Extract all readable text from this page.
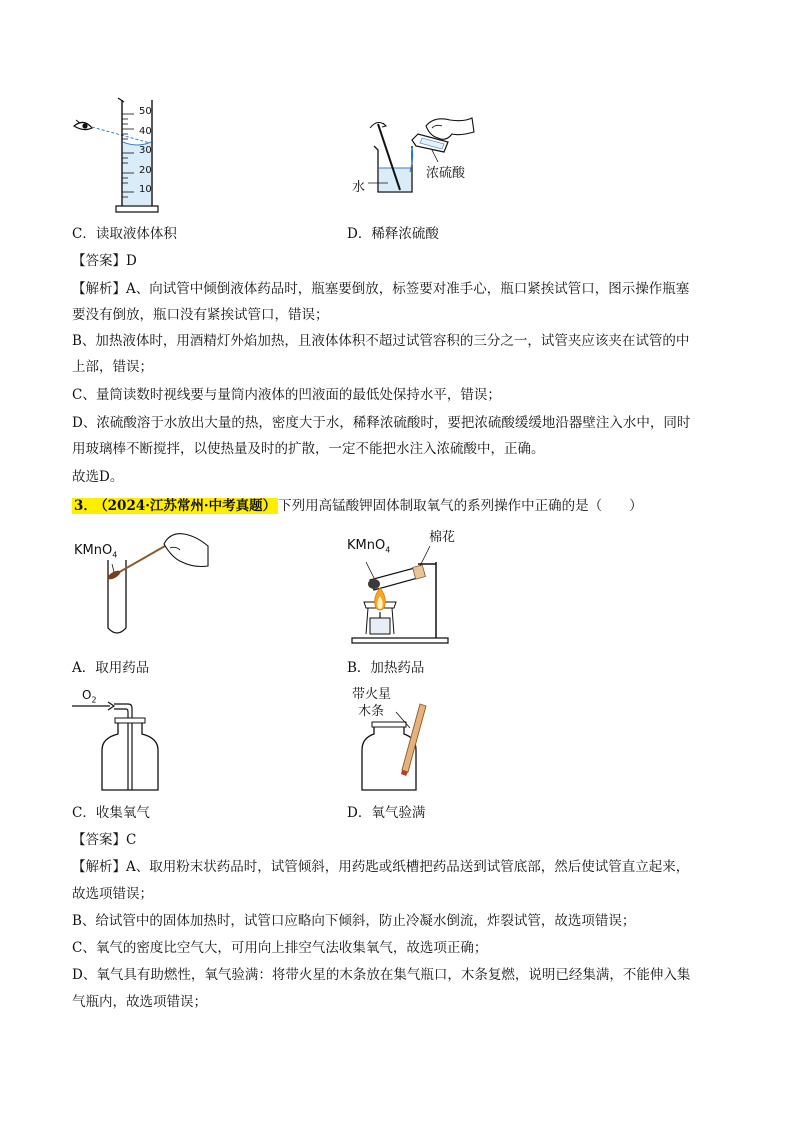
50
40
30
20
10
浓硫酸
水
C．读取液体体积	D．稀释浓硫酸
【答案】D
【解析】A、向试管中倾倒液体药品时，瓶塞要倒放，标签要对准手心，瓶口紧挨试管口，图示操作瓶塞
要没有倒放，瓶口没有紧挨试管口，错误；
B、加热液体时，用酒精灯外焰加热，且液体体积不超过试管容积的三分之一，试管夹应该夹在试管的中
上部，错误；
C、量筒读数时视线要与量筒内液体的凹液面的最低处保持水平，错误；
D、浓硫酸溶于水放出大量的热，密度大于水，稀释浓硫酸时，要把浓硫酸缓缓地沿器壁注入水中，同时
用玻璃棒不断搅拌，以使热量及时的扩散，一定不能把水注入浓硫酸中，正确。
故选D。
3． （2024·江苏常州·中考真题） 下列用高锰酸钾固体制取氧气的系列操作中正确的是（　　）
KMnO$_4$
KMnO$_4$
棉花
A．取用药品	B．加热药品
$O_2$	带火星
木条
C．收集氧气	D．氧气验满
【答案】C
【解析】A、取用粉末状药品时，试管倾斜，用药匙或纸槽把药品送到试管底部，然后使试管直立起来，
故选项错误；
B、给试管中的固体加热时，试管口应略向下倾斜，防止冷凝水倒流，炸裂试管，故选项错误；
C、氧气的密度比空气大，可用向上排空气法收集氧气，故选项正确；
D、氧气具有助燃性，氧气验满：将带火星的木条放在集气瓶口，木条复燃，说明已经集满，不能伸入集
气瓶内，故选项错误；
